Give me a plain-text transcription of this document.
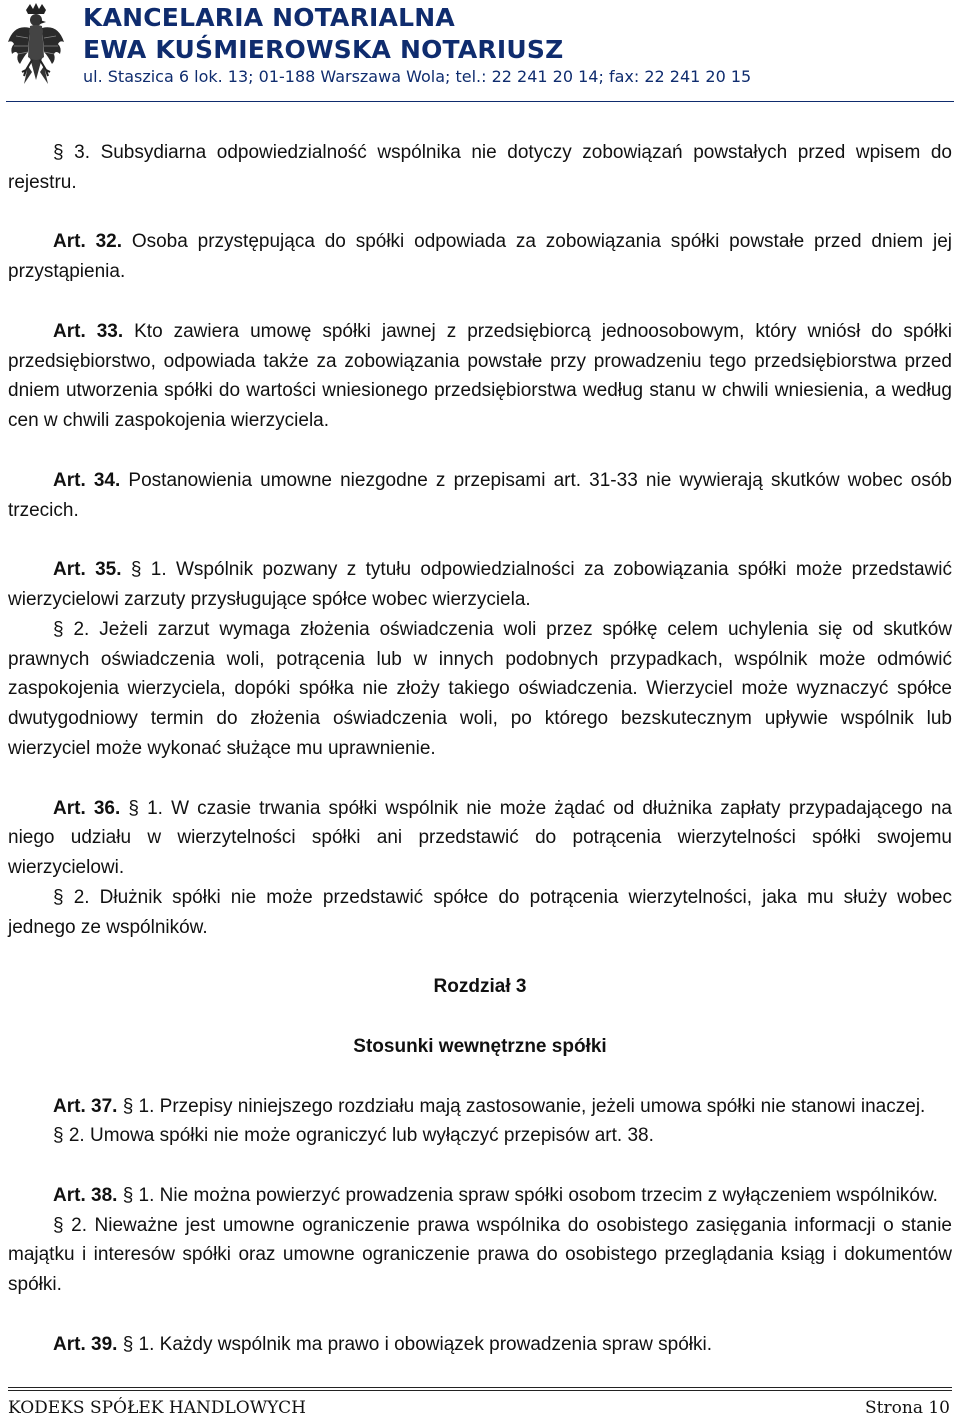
KANCELARIA NOTARIALNA
EWA KUŚMIEROWSKA NOTARIUSZ
ul. Staszica 6 lok. 13; 01-188 Warszawa Wola; tel.: 22 241 20 14; fax: 22 241 20 15

§ 3. Subsydiarna odpowiedzialność wspólnika nie dotyczy zobowiązań powstałych przed wpisem do rejestru.

Art. 32. Osoba przystępująca do spółki odpowiada za zobowiązania spółki powstałe przed dniem jej przystąpienia.

Art. 33. Kto zawiera umowę spółki jawnej z przedsiębiorcą jednoosobowym, który wniósł do spółki przedsiębiorstwo, odpowiada także za zobowiązania powstałe przy prowadzeniu tego przedsiębiorstwa przed dniem utworzenia spółki do wartości wniesionego przedsiębiorstwa według stanu w chwili wniesienia, a według cen w chwili zaspokojenia wierzyciela.

Art. 34. Postanowienia umowne niezgodne z przepisami art. 31-33 nie wywierają skutków wobec osób trzecich.

Art. 35. § 1. Wspólnik pozwany z tytułu odpowiedzialności za zobowiązania spółki może przedstawić wierzycielowi zarzuty przysługujące spółce wobec wierzyciela.

§ 2. Jeżeli zarzut wymaga złożenia oświadczenia woli przez spółkę celem uchylenia się od skutków prawnych oświadczenia woli, potrącenia lub w innych podobnych przypadkach, wspólnik może odmówić zaspokojenia wierzyciela, dopóki spółka nie złoży takiego oświadczenia. Wierzyciel może wyznaczyć spółce dwutygodniowy termin do złożenia oświadczenia woli, po którego bezskutecznym upływie wspólnik lub wierzyciel może wykonać służące mu uprawnienie.

Art. 36. § 1. W czasie trwania spółki wspólnik nie może żądać od dłużnika zapłaty przypadającego na niego udziału w wierzytelności spółki ani przedstawić do potrącenia wierzytelności spółki swojemu wierzycielowi.

§ 2. Dłużnik spółki nie może przedstawić spółce do potrącenia wierzytelności, jaka mu służy wobec jednego ze wspólników.

Rozdział 3

Stosunki wewnętrzne spółki

Art. 37. § 1. Przepisy niniejszego rozdziału mają zastosowanie, jeżeli umowa spółki nie stanowi inaczej.

§ 2. Umowa spółki nie może ograniczyć lub wyłączyć przepisów art. 38.

Art. 38. § 1. Nie można powierzyć prowadzenia spraw spółki osobom trzecim z wyłączeniem wspólników.

§ 2. Nieważne jest umowne ograniczenie prawa wspólnika do osobistego zasięgania informacji o stanie majątku i interesów spółki oraz umowne ograniczenie prawa do osobistego przeglądania ksiąg i dokumentów spółki.

Art. 39. § 1. Każdy wspólnik ma prawo i obowiązek prowadzenia spraw spółki.

KODEKS SPÓŁEK HANDLOWYCH	Strona 10
